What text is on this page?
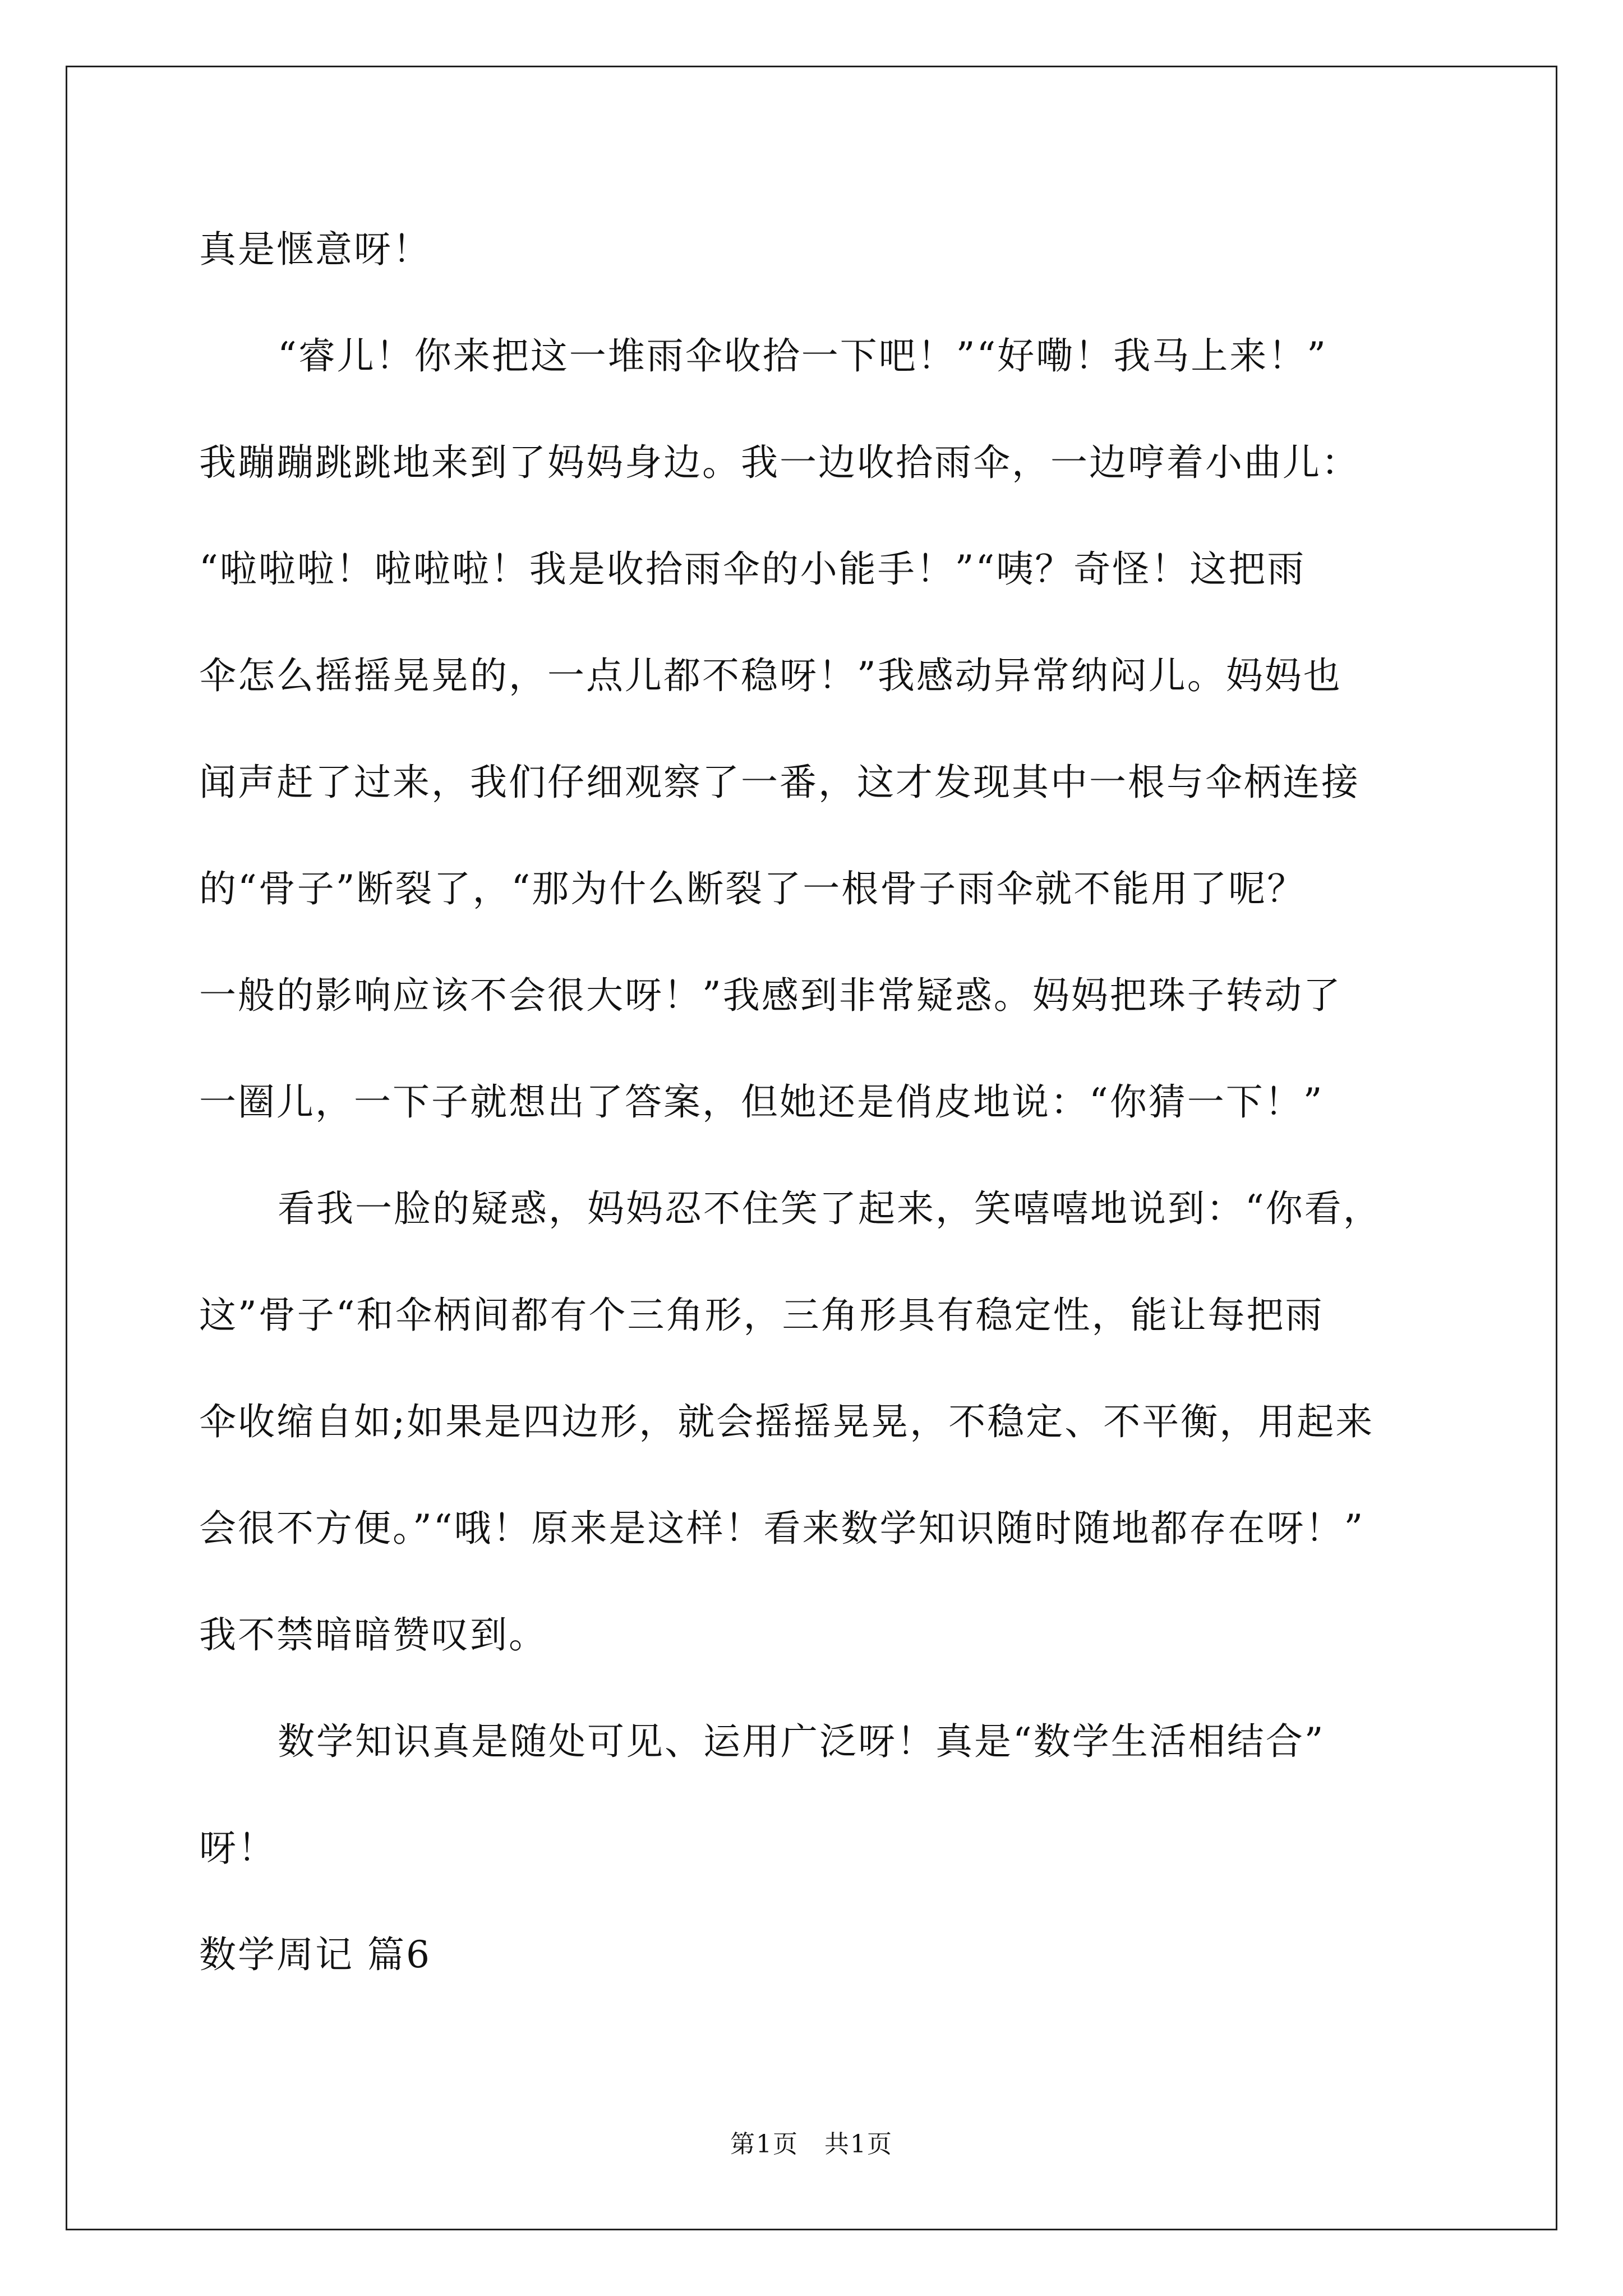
真是惬意呀！
“睿儿！你来把这一堆雨伞收拾一下吧！”“好嘞！我马上来！”
我蹦蹦跳跳地来到了妈妈身边。我一边收拾雨伞，一边哼着小曲儿：
“啦啦啦！啦啦啦！我是收拾雨伞的小能手！”“咦？奇怪！这把雨
伞怎么摇摇晃晃的，一点儿都不稳呀！”我感动异常纳闷儿。妈妈也
闻声赶了过来，我们仔细观察了一番，这才发现其中一根与伞柄连接
的“骨子”断裂了，“那为什么断裂了一根骨子雨伞就不能用了呢？
一般的影响应该不会很大呀！”我感到非常疑惑。妈妈把珠子转动了
一圈儿，一下子就想出了答案，但她还是俏皮地说：“你猜一下！”
看我一脸的疑惑，妈妈忍不住笑了起来，笑嘻嘻地说到：“你看，
这”骨子“和伞柄间都有个三角形，三角形具有稳定性，能让每把雨
伞收缩自如;如果是四边形，就会摇摇晃晃，不稳定、不平衡，用起来
会很不方便。”“哦！原来是这样！看来数学知识随时随地都存在呀！”
我不禁暗暗赞叹到。
数学知识真是随处可见、运用广泛呀！真是“数学生活相结合”
呀！
数学周记 篇6
第1页　共1页
